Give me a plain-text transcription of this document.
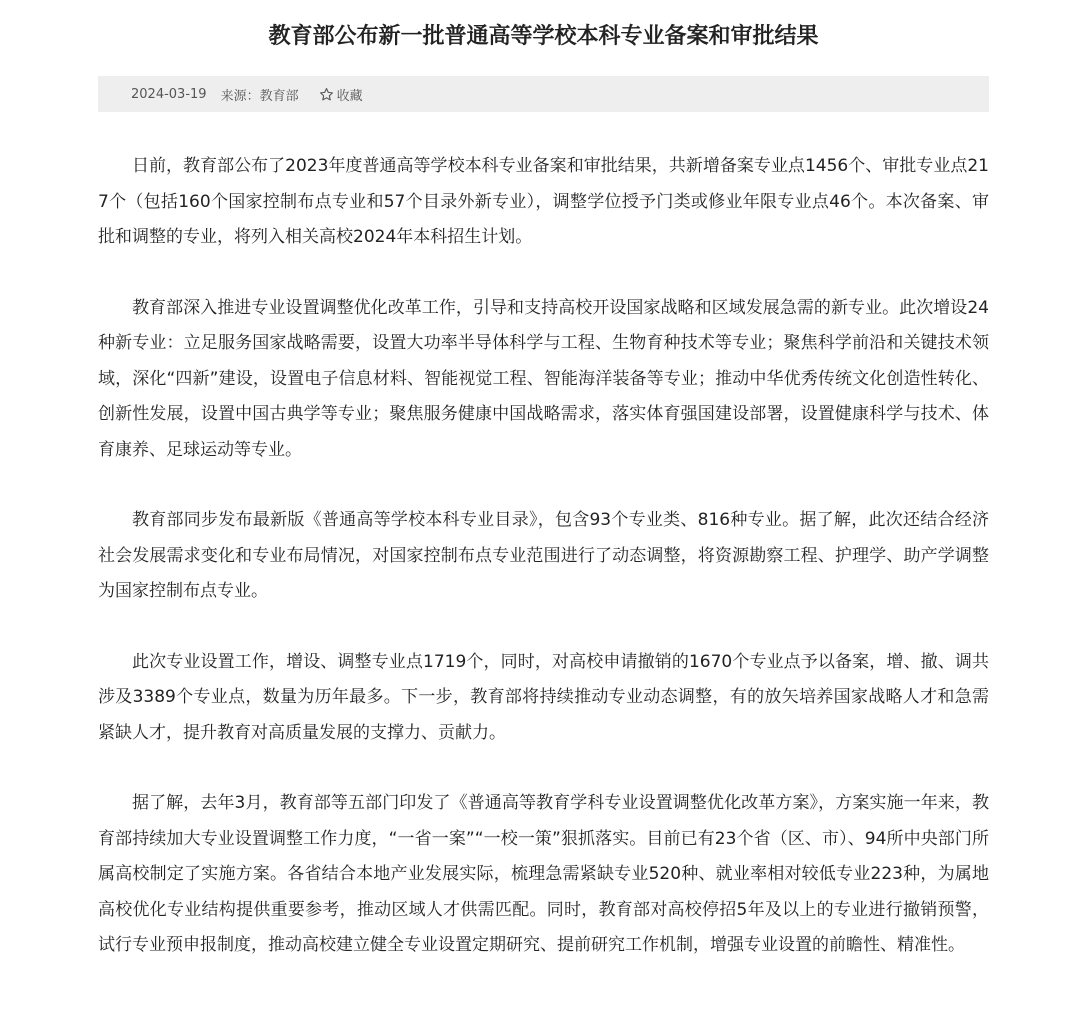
教育部公布新一批普通高等学校本科专业备案和审批结果
2024-03-19 来源： 教育部	收藏

日前，教育部公布了2023年度普通高等学校本科专业备案和审批结果，共新增备案专业点1456个、审批专业点217个（包括160个国家控制布点专业和57个目录外新专业），调整学位授予门类或修业年限专业点46个。本次备案、审批和调整的专业，将列入相关高校2024年本科招生计划。

教育部深入推进专业设置调整优化改革工作，引导和支持高校开设国家战略和区域发展急需的新专业。此次增设24种新专业：立足服务国家战略需要，设置大功率半导体科学与工程、生物育种技术等专业；聚焦科学前沿和关键技术领域，深化“四新”建设，设置电子信息材料、智能视觉工程、智能海洋装备等专业；推动中华优秀传统文化创造性转化、创新性发展，设置中国古典学等专业；聚焦服务健康中国战略需求，落实体育强国建设部署，设置健康科学与技术、体育康养、足球运动等专业。

教育部同步发布最新版《普通高等学校本科专业目录》，包含93个专业类、816种专业。据了解，此次还结合经济社会发展需求变化和专业布局情况，对国家控制布点专业范围进行了动态调整，将资源勘察工程、护理学、助产学调整为国家控制布点专业。

此次专业设置工作，增设、调整专业点1719个，同时，对高校申请撤销的1670个专业点予以备案，增、撤、调共涉及3389个专业点，数量为历年最多。下一步，教育部将持续推动专业动态调整，有的放矢培养国家战略人才和急需紧缺人才，提升教育对高质量发展的支撑力、贡献力。

据了解，去年3月，教育部等五部门印发了《普通高等教育学科专业设置调整优化改革方案》，方案实施一年来，教育部持续加大专业设置调整工作力度，“一省一案”“一校一策”狠抓落实。目前已有23个省（区、市）、94所中央部门所属高校制定了实施方案。各省结合本地产业发展实际，梳理急需紧缺专业520种、就业率相对较低专业223种，为属地高校优化专业结构提供重要参考，推动区域人才供需匹配。同时，教育部对高校停招5年及以上的专业进行撤销预警，试行专业预申报制度，推动高校建立健全专业设置定期研究、提前研究工作机制，增强专业设置的前瞻性、精准性。
